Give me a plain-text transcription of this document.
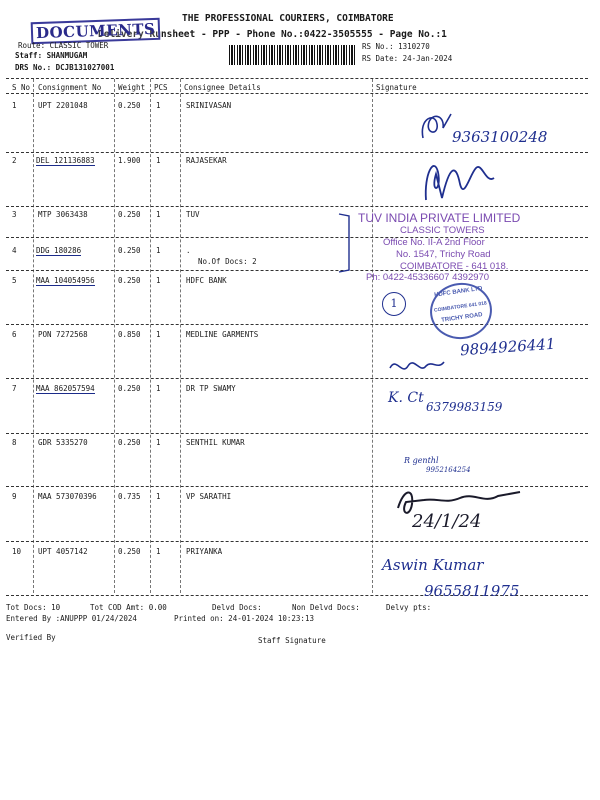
THE PROFESSIONAL COURIERS, COIMBATORE
Delivery Runsheet - PPP - Phone No.:0422-3505555 - Page No.:1
DOCUMENTS
Route: CLASSIC TOWER
Staff: SHANMUGAM
DRS No.: DCJB131027001
RS No.: 1310270
RS Date: 24-Jan-2024
S No Consignment No Weight PCS Consignee Details	Signature
1	UPT 2201048	0.250 1	SRINIVASAN
2	DEL 121136883	1.900 1	RAJASEKAR
3	MTP 3063438	0.250 1	TUV
4	DDG 180286	0.250 1	.
No.Of Docs: 2
5	MAA 104054956	0.250 1	HDFC BANK
6	PON 7272568	0.850 1	MEDLINE GARMENTS
7	MAA 862057594	0.250 1	DR TP SWAMY
8	GDR 5335270	0.250 1	SENTHIL KUMAR
9	MAA 573070396	0.735 1	VP SARATHI
10 UPT 4057142	0.250 1	PRIYANKA
9363100248
TUV INDIA PRIVATE LIMITED
CLASSIC TOWERS
Office No. II-A 2nd Floor
No. 1547, Trichy Road
COIMBATORE - 641 018.
Ph: 0422-45336607 4392970
1
HDFC BANK LTD
COIMBATORE 641 018
TRICHY ROAD
9894926441
K. Ct
6379983159
R genthl
9952164254
24/1/24
Aswin Kumar
9655811975
Tot Docs: 10	Tot COD Amt: 0.00	Delvd Docs:	Non Delvd Docs:	Delvy pts:
Entered By :ANUPPP 01/24/2024	Printed on: 24-01-2024 10:23:13
Verified By	Staff Signature
